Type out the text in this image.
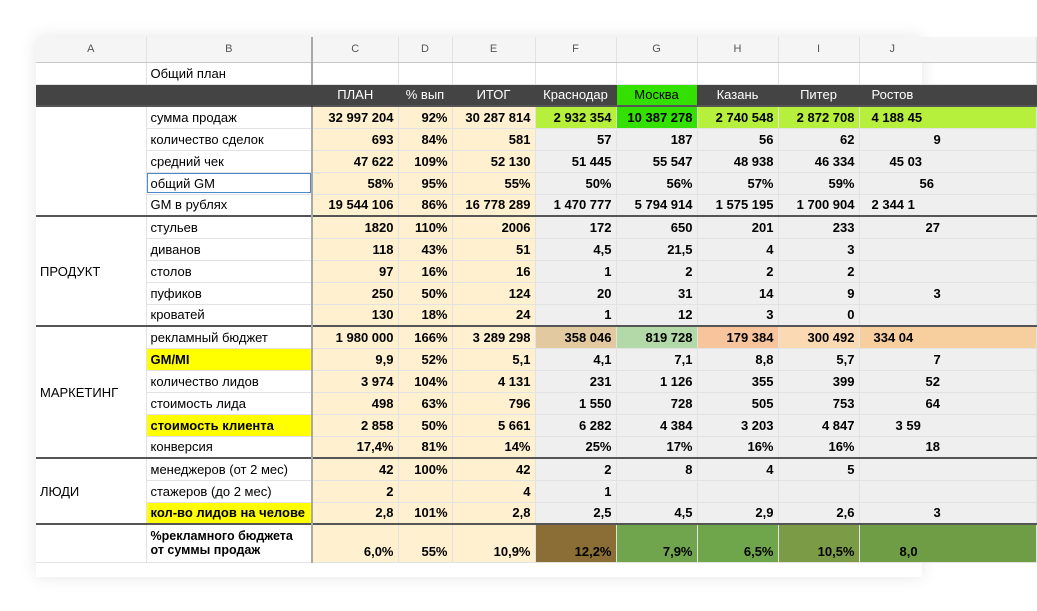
A	B	C	D	E	F	G	H	I	J
	Общий план								
		ПЛАН	% вып	ИТОГ	Краснодар	Москва	Казань	Питер	Ростов
	сумма продаж	32 997 204	92%	30 287 814	2 932 354	10 387 278	2 740 548	2 872 708	4 188 45
	количество сделок	693	84%	581	57	187	56	62	9
	средний чек	47 622	109%	52 130	51 445	55 547	48 938	46 334	45 03
	общий GM	58%	95%	55%	50%	56%	57%	59%	56
	GM в рублях	19 544 106	86%	16 778 289	1 470 777	5 794 914	1 575 195	1 700 904	2 344 1
ПРОДУКТ	стульев	1820	110%	2006	172	650	201	233	27
	диванов	118	43%	51	4,5	21,5	4	3	
	столов	97	16%	16	1	2	2	2	
	пуфиков	250	50%	124	20	31	14	9	3
	кроватей	130	18%	24	1	12	3	0	
МАРКЕТИНГ	рекламный бюджет	1 980 000	166%	3 289 298	358 046	819 728	179 384	300 492	334 04
	GM/MI	9,9	52%	5,1	4,1	7,1	8,8	5,7	7
	количество лидов	3 974	104%	4 131	231	1 126	355	399	52
	стоимость лида	498	63%	796	1 550	728	505	753	64
	стоимость клиента	2 858	50%	5 661	6 282	4 384	3 203	4 847	3 59
	конверсия	17,4%	81%	14%	25%	17%	16%	16%	18
ЛЮДИ	менеджеров (от 2 мес)	42	100%	42	2	8	4	5	
	стажеров (до 2 мес)	2		4	1				
	кол-во лидов на челове	2,8	101%	2,8	2,5	4,5	2,9	2,6	3
	%рекламного бюджета
от суммы продаж	6,0%	55%	10,9%	12,2%	7,9%	6,5%	10,5%	8,0
